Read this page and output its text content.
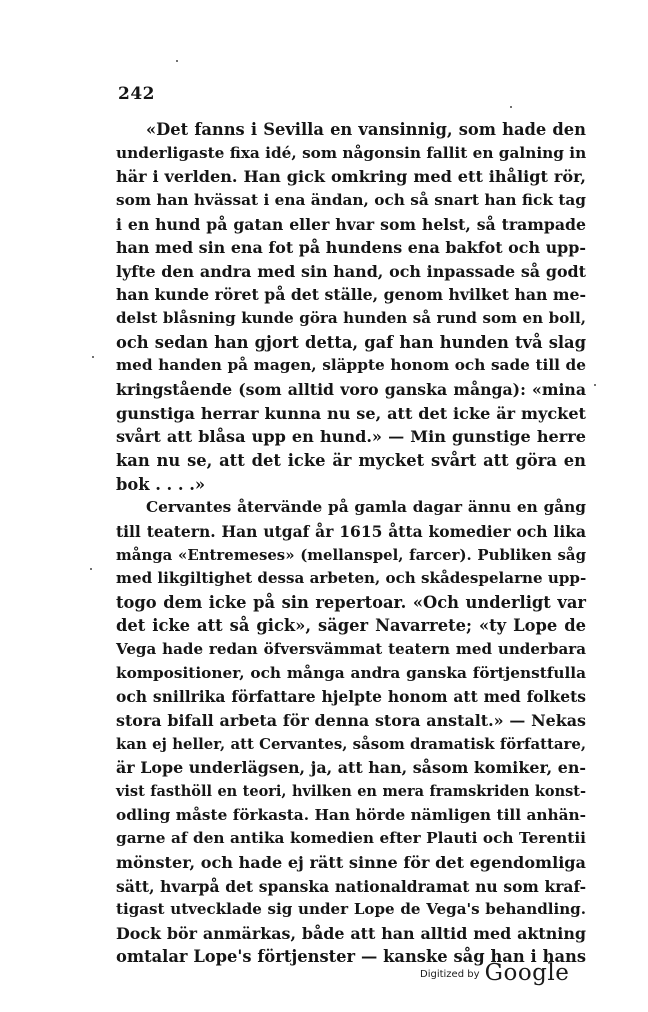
242
«Det fanns i Sevilla en vansinnig, som hade den
underligaste fixa idé, som någonsin fallit en galning in
här i verlden. Han gick omkring med ett ihåligt rör,
som han hvässat i ena ändan, och så snart han fick tag
i en hund på gatan eller hvar som helst, så trampade
han med sin ena fot på hundens ena bakfot och upp-
lyfte den andra med sin hand, och inpassade så godt
han kunde röret på det ställe, genom hvilket han me-
delst blåsning kunde göra hunden så rund som en boll,
och sedan han gjort detta, gaf han hunden två slag
med handen på magen, släppte honom och sade till de
kringstående (som alltid voro ganska många): «mina
gunstiga herrar kunna nu se, att det icke är mycket
svårt att blåsa upp en hund.» — Min gunstige herre
kan nu se, att det icke är mycket svårt att göra en
bok . . . .»
Cervantes återvände på gamla dagar ännu en gång
till teatern. Han utgaf år 1615 åtta komedier och lika
många «Entremeses» (mellanspel, farcer). Publiken såg
med likgiltighet dessa arbeten, och skådespelarne upp-
togo dem icke på sin repertoar. «Och underligt var
det icke att så gick», säger Navarrete; «ty Lope de
Vega hade redan öfversvämmat teatern med underbara
kompositioner, och många andra ganska förtjenstfulla
och snillrika författare hjelpte honom att med folkets
stora bifall arbeta för denna stora anstalt.» — Nekas
kan ej heller, att Cervantes, såsom dramatisk författare,
är Lope underlägsen, ja, att han, såsom komiker, en-
vist fasthöll en teori, hvilken en mera framskriden konst-
odling måste förkasta. Han hörde nämligen till anhän-
garne af den antika komedien efter Plauti och Terentii
mönster, och hade ej rätt sinne för det egendomliga
sätt, hvarpå det spanska nationaldramat nu som kraf-
tigast utvecklade sig under Lope de Vega's behandling.
Dock bör anmärkas, både att han alltid med aktning
omtalar Lope's förtjenster — kanske såg han i hans
Digitized by Google
